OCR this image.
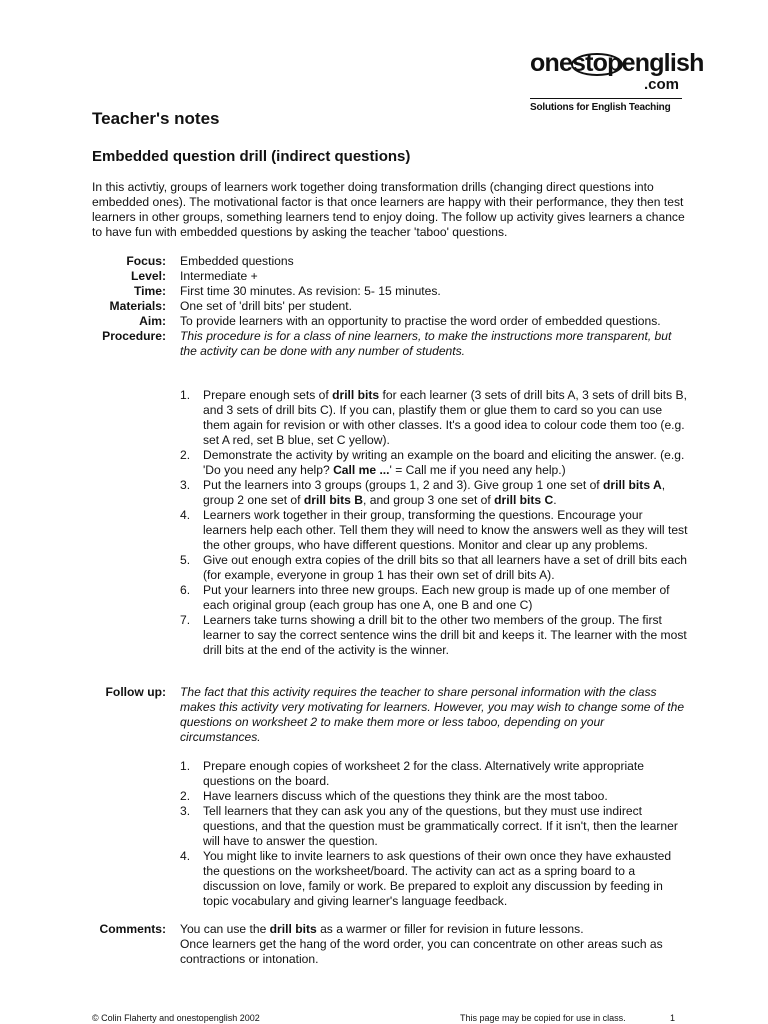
onestopenglish
.com
Solutions for English Teaching
Teacher's notes
Embedded question drill (indirect questions)
In this activtiy, groups of learners work together doing transformation drills (changing direct questions into embedded ones). The motivational factor is that once learners are happy with their performance, they then test learners in other groups, something learners tend to enjoy doing. The follow up activity gives learners a chance to have fun with embedded questions by asking the teacher 'taboo' questions.
Focus:	Embedded questions
Level:	Intermediate +
Time:	First time 30 minutes. As revision: 5- 15 minutes.
Materials:	One set of 'drill bits' per student.
Aim:	To provide learners with an opportunity to practise the word order of embedded questions.
Procedure:	This procedure is for a class of nine learners, to make the instructions more transparent, but the activity can be done with any number of students.
1.	Prepare enough sets of drill bits for each learner (3 sets of drill bits A, 3 sets of drill bits B, and 3 sets of drill bits C). If you can, plastify them or glue them to card so you can use them again for revision or with other classes. It's a good idea to colour code them too (e.g. set A red, set B blue, set C yellow).
2.	Demonstrate the activity by writing an example on the board and eliciting the answer. (e.g. 'Do you need any help? Call me ...' = Call me if you need any help.)
3.	Put the learners into 3 groups (groups 1, 2 and 3). Give group 1 one set of drill bits A, group 2 one set of drill bits B, and group 3 one set of drill bits C.
4.	Learners work together in their group, transforming the questions. Encourage your learners help each other. Tell them they will need to know the answers well as they will test the other groups, who have different questions. Monitor and clear up any problems.
5.	Give out enough extra copies of the drill bits so that all learners have a set of drill bits each (for example, everyone in group 1 has their own set of drill bits A).
6.	Put your learners into three new groups. Each new group is made up of one member of each original group (each group has one A, one B and one C)
7.	Learners take turns showing a drill bit to the other two members of the group. The first learner to say the correct sentence wins the drill bit and keeps it. The learner with the most drill bits at the end of the activity is the winner.
Follow up:	The fact that this activity requires the teacher to share personal information with the class makes this activity very motivating for learners. However, you may wish to change some of the questions on worksheet 2 to make them more or less taboo, depending on your circumstances.
1.	Prepare enough copies of worksheet 2 for the class. Alternatively write appropriate questions on the board.
2.	Have learners discuss which of the questions they think are the most taboo.
3.	Tell learners that they can ask you any of the questions, but they must use indirect questions, and that the question must be grammatically correct. If it isn't, then the learner will have to answer the question.
4.	You might like to invite learners to ask questions of their own once they have exhausted the questions on the worksheet/board. The activity can act as a spring board to a discussion on love, family or work. Be prepared to exploit any discussion by feeding in topic vocabulary and giving learner's language feedback.
Comments:	You can use the drill bits as a warmer or filler for revision in future lessons.
Once learners get the hang of the word order, you can concentrate on other areas such as contractions or intonation.
© Colin Flaherty and onestopenglish 2002	This page may be copied for use in class.	1
